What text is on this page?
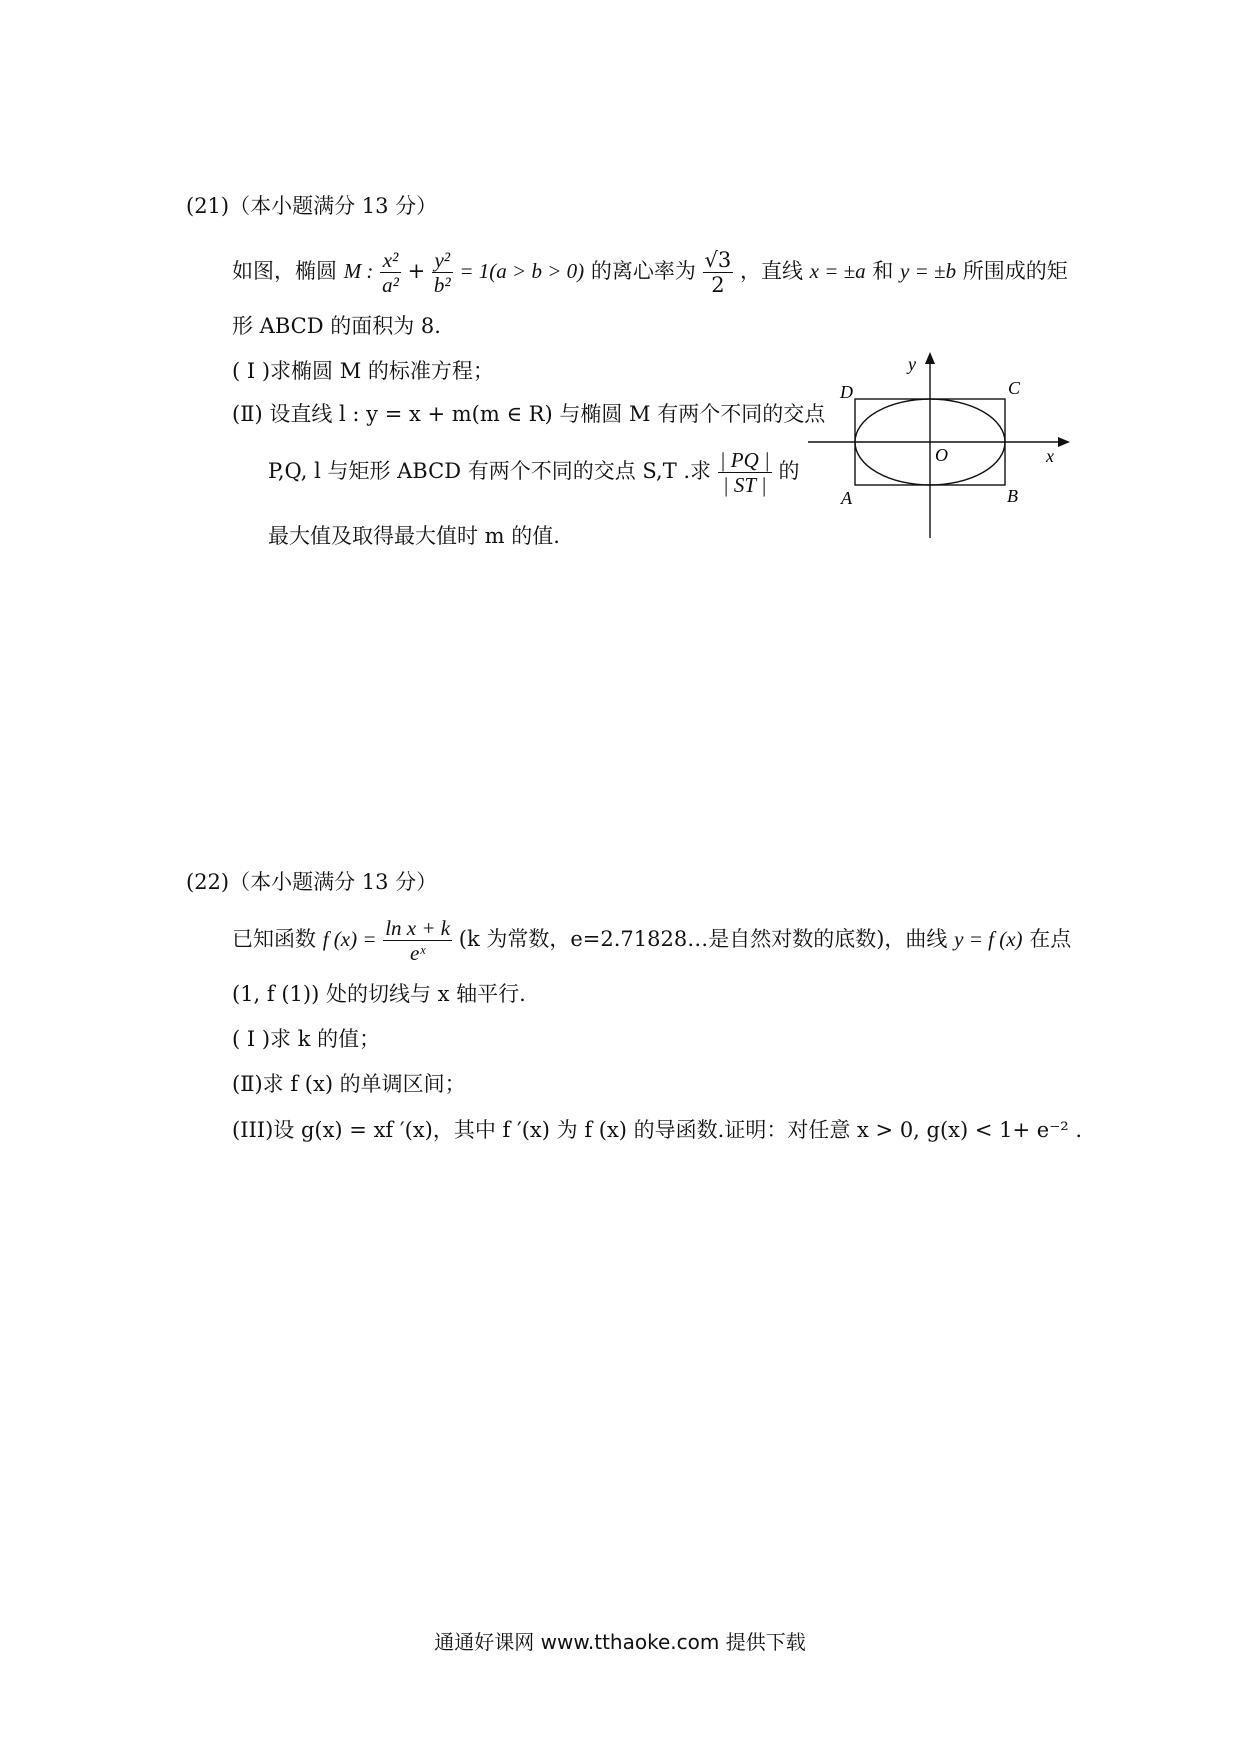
(21)（本小题满分 13 分）
如图，椭圆 M : $\frac{\text{x²}}{\text{a²}} + \frac{\text{y²}}{\text{b²}} = 1(a > b > 0)$ 的离心率为 $\frac{√3}{2}$ ，直线 x = ±a 和 y = ±b 所围成的矩
形 ABCD 的面积为 8.
( I )求椭圆 M 的标准方程；
(Ⅱ) 设直线 l : y = x + m(m ∈ R) 与椭圆 M 有两个不同的交点
P,Q, l 与矩形 ABCD 有两个不同的交点 S,T .求 $\frac{| PQ |}{| ST |}$ 的
最大值及取得最大值时 m 的值.
D	C
A	B
O	x
y
(22)（本小题满分 13 分）
已知函数 f $(x) = \frac{\text{ln x + k}}{\text{eˣ}} (k$ 为常数，e=2.71828…是自然对数的底数)，曲线 y = f (x) 在点
(1, f (1)) 处的切线与 x 轴平行.
( I )求 k 的值；
(Ⅱ)求 f (x) 的单调区间；
(III)设 g(x) = xf ′(x)，其中 f ′(x) 为 f (x) 的导函数.证明：对任意 x > 0, g(x) < 1+ e⁻² .
通通好课网 www.tthaoke.com 提供下载
